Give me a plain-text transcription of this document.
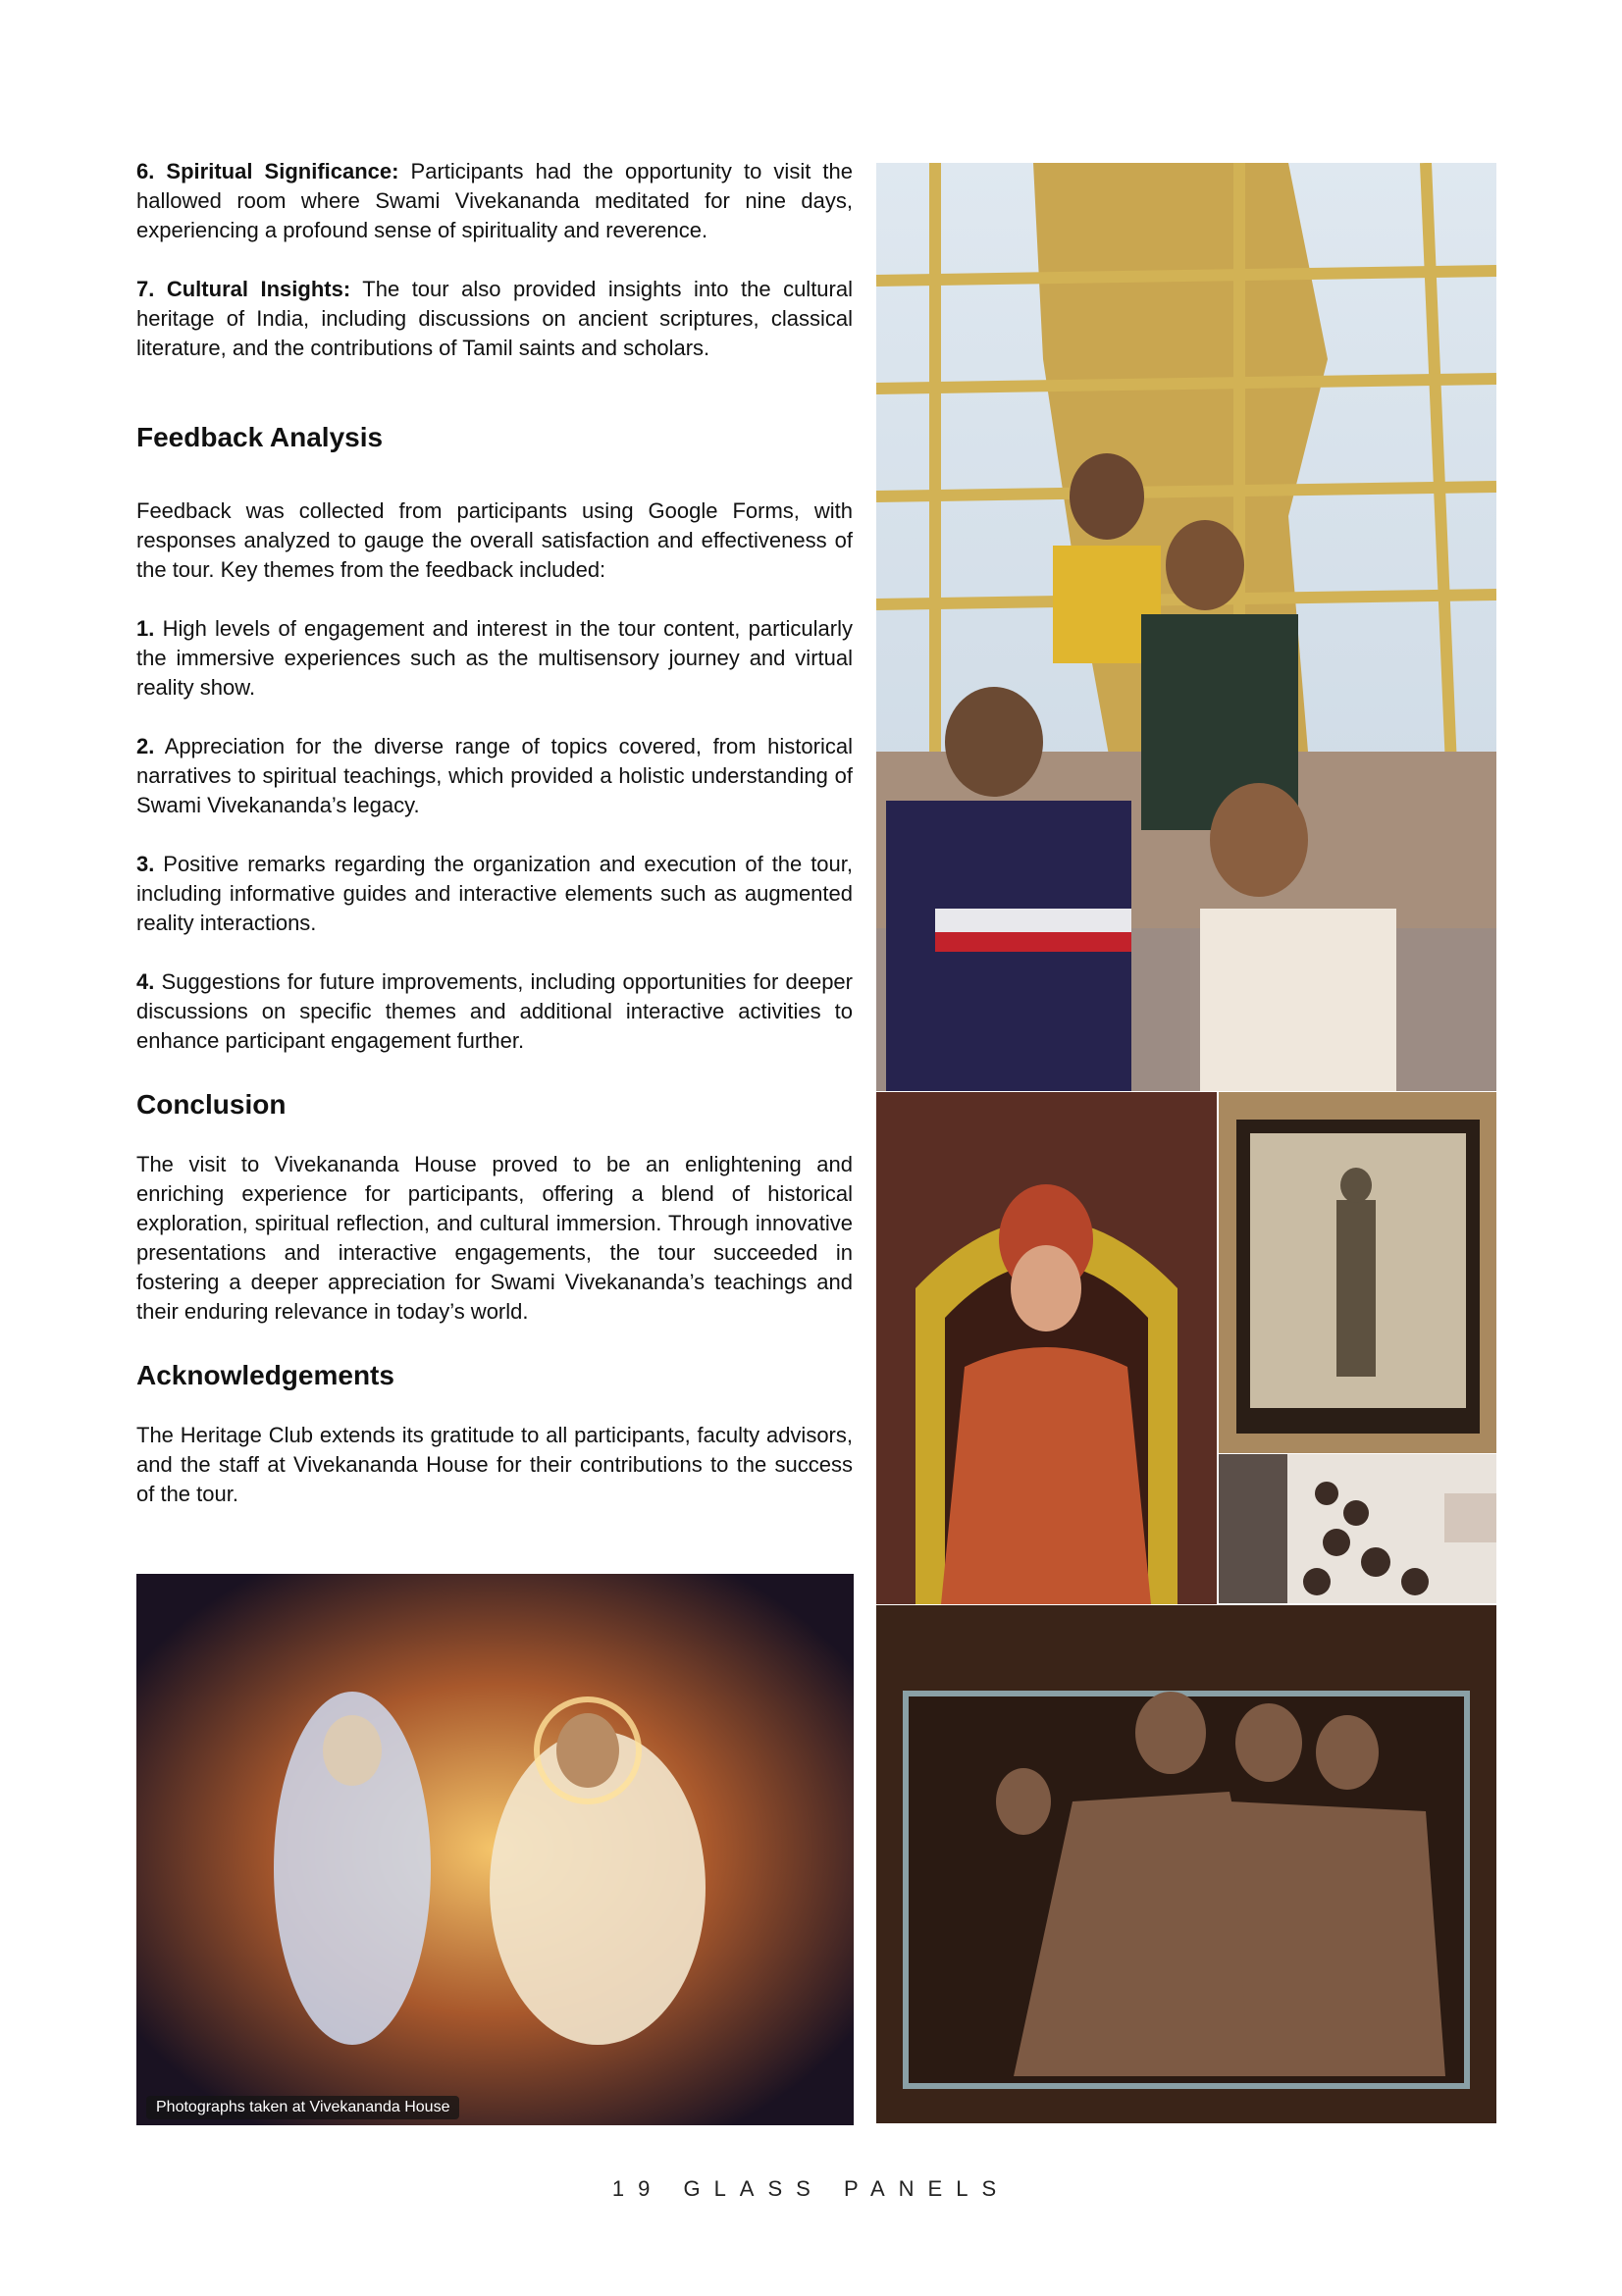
6. Spiritual Significance: Participants had the opportunity to visit the hallowed room where Swami Vivekananda meditated for nine days, experiencing a profound sense of spirituality and reverence.

7. Cultural Insights: The tour also provided insights into the cultural heritage of India, including discussions on ancient scriptures, classical literature, and the contributions of Tamil saints and scholars.

Feedback Analysis

Feedback was collected from participants using Google Forms, with responses analyzed to gauge the overall satisfaction and effectiveness of the tour. Key themes from the feedback included:

1. High levels of engagement and interest in the tour content, particularly the immersive experiences such as the multisensory journey and virtual reality show.

2. Appreciation for the diverse range of topics covered, from historical narratives to spiritual teachings, which provided a holistic understanding of Swami Vivekananda’s legacy.

3. Positive remarks regarding the organization and execution of the tour, including informative guides and interactive elements such as augmented reality interactions.

4. Suggestions for future improvements, including opportunities for deeper discussions on specific themes and additional interactive activities to enhance participant engagement further.

Conclusion

The visit to Vivekananda House proved to be an enlightening and enriching experience for participants, offering a blend of historical exploration, spiritual reflection, and cultural immersion. Through innovative presentations and interactive engagements, the tour succeeded in fostering a deeper appreciation for Swami Vivekananda’s teachings and their enduring relevance in today’s world.

Acknowledgements

The Heritage Club extends its gratitude to all participants, faculty advisors, and the staff at Vivekananda House for their contributions to the success of the tour.

Photographs taken at Vivekananda House
19 GLASS PANELS
